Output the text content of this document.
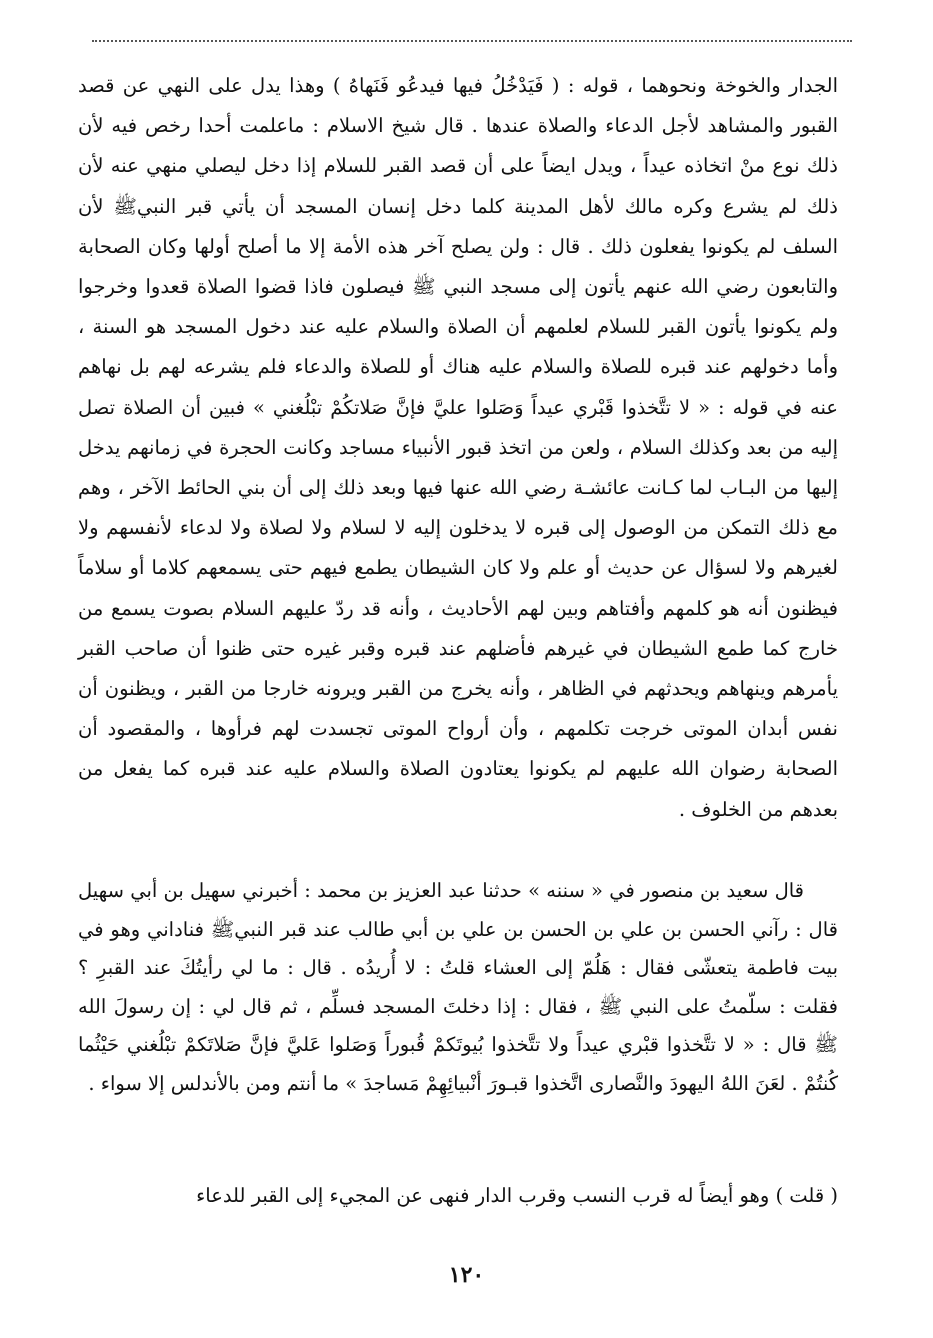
الجدار والخوخة ونحوهما ، قوله : ( فَيَدْخُلُ فيها فيدعُو فَنَهاهُ ) وهذا يدل على النهي عن قصد القبور والمشاهد لأجل الدعاء والصلاة عندها . قال شيخ الاسلام : ماعلمت أحدا رخص فيه لأن ذلك نوع منْ اتخاذه عيداً ، ويدل ايضاً على أن قصد القبر للسلام إذا دخل ليصلي منهي عنه لأن ذلك لم يشرع وكره مالك لأهل المدينة كلما دخل إنسان المسجد أن يأتي قبر النبيﷺ لأن السلف لم يكونوا يفعلون ذلك . قال : ولن يصلح آخر هذه الأمة إلا ما أصلح أولها وكان الصحابة والتابعون رضي الله عنهم يأتون إلى مسجد النبي ﷺ فيصلون فاذا قضوا الصلاة قعدوا وخرجوا ولم يكونوا يأتون القبر للسلام لعلمهم أن الصلاة والسلام عليه عند دخول المسجد هو السنة ، وأما دخولهم عند قبره للصلاة والسلام عليه هناك أو للصلاة والدعاء فلم يشرعه لهم بل نهاهم عنه في قوله : « لا تتَّخذوا قَبْري عيداً وَصَلوا عليَّ فإنَّ صَلاتكُمْ تبْلُغني » فبين أن الصلاة تصل إليه من بعد وكذلك السلام ، ولعن من اتخذ قبور الأنبياء مساجد وكانت الحجرة في زمانهم يدخل إليها من البـاب لما كـانت عائشـة رضي الله عنها فيها وبعد ذلك إلى أن بني الحائط الآخر ، وهم مع ذلك التمكن من الوصول إلى قبره لا يدخلون إليه لا لسلام ولا لصلاة ولا لدعاء لأنفسهم ولا لغيرهم ولا لسؤال عن حديث أو علم ولا كان الشيطان يطمع فيهم حتى يسمعهم كلاما أو سلاماً فيظنون أنه هو كلمهم وأفتاهم وبين لهم الأحاديث ، وأنه قد ردّ عليهم السلام بصوت يسمع من خارج كما طمع الشيطان في غيرهم فأضلهم عند قبره وقبر غيره حتى ظنوا أن صاحب القبر يأمرهم وينهاهم ويحدثهم في الظاهر ، وأنه يخرج من القبر ويرونه خارجا من القبر ، ويظنون أن نفس أبدان الموتى خرجت تكلمهم ، وأن أرواح الموتى تجسدت لهم فرأوها ، والمقصود أن الصحابة رضوان الله عليهم لم يكونوا يعتادون الصلاة والسلام عليه عند قبره كما يفعل من بعدهم من الخلوف .

قال سعيد بن منصور في « سننه » حدثنا عبد العزيز بن محمد : أخبرني سهيل بن أبي سهيل قال : رآني الحسن بن علي بن الحسن بن علي بن أبي طالب عند قبر النبيﷺ فناداني وهو في بيت فاطمة يتعشّى فقال : هَلُمّ إلى العشاء قلتُ : لا أُريدُه . قال : ما لي رأيتُكَ عند القبرِ ؟ فقلت : سلّمتُ على النبي ﷺ ، فقال : إذا دخلتَ المسجد فسلِّم ، ثم قال لي : إن رسولَ الله ﷺ قال : « لا تتَّخذوا قبْري عيداً ولا تتَّخذوا بُيوتَكمْ قُبوراً وَصَلوا عَليَّ فإنَّ صَلاتَكمْ تبْلُغني حَيْثُما كُنتُمْ . لعَنَ اللهُ اليهودَ والنَّصارى اتَّخذوا قبـورَ أنْبيائِهِمْ مَساجدَ » ما أنتم ومن بالأندلس إلا سواء .

( قلت ) وهو أيضاً له قرب النسب وقرب الدار فنهى عن المجيء إلى القبر للدعاء

١٢٠
